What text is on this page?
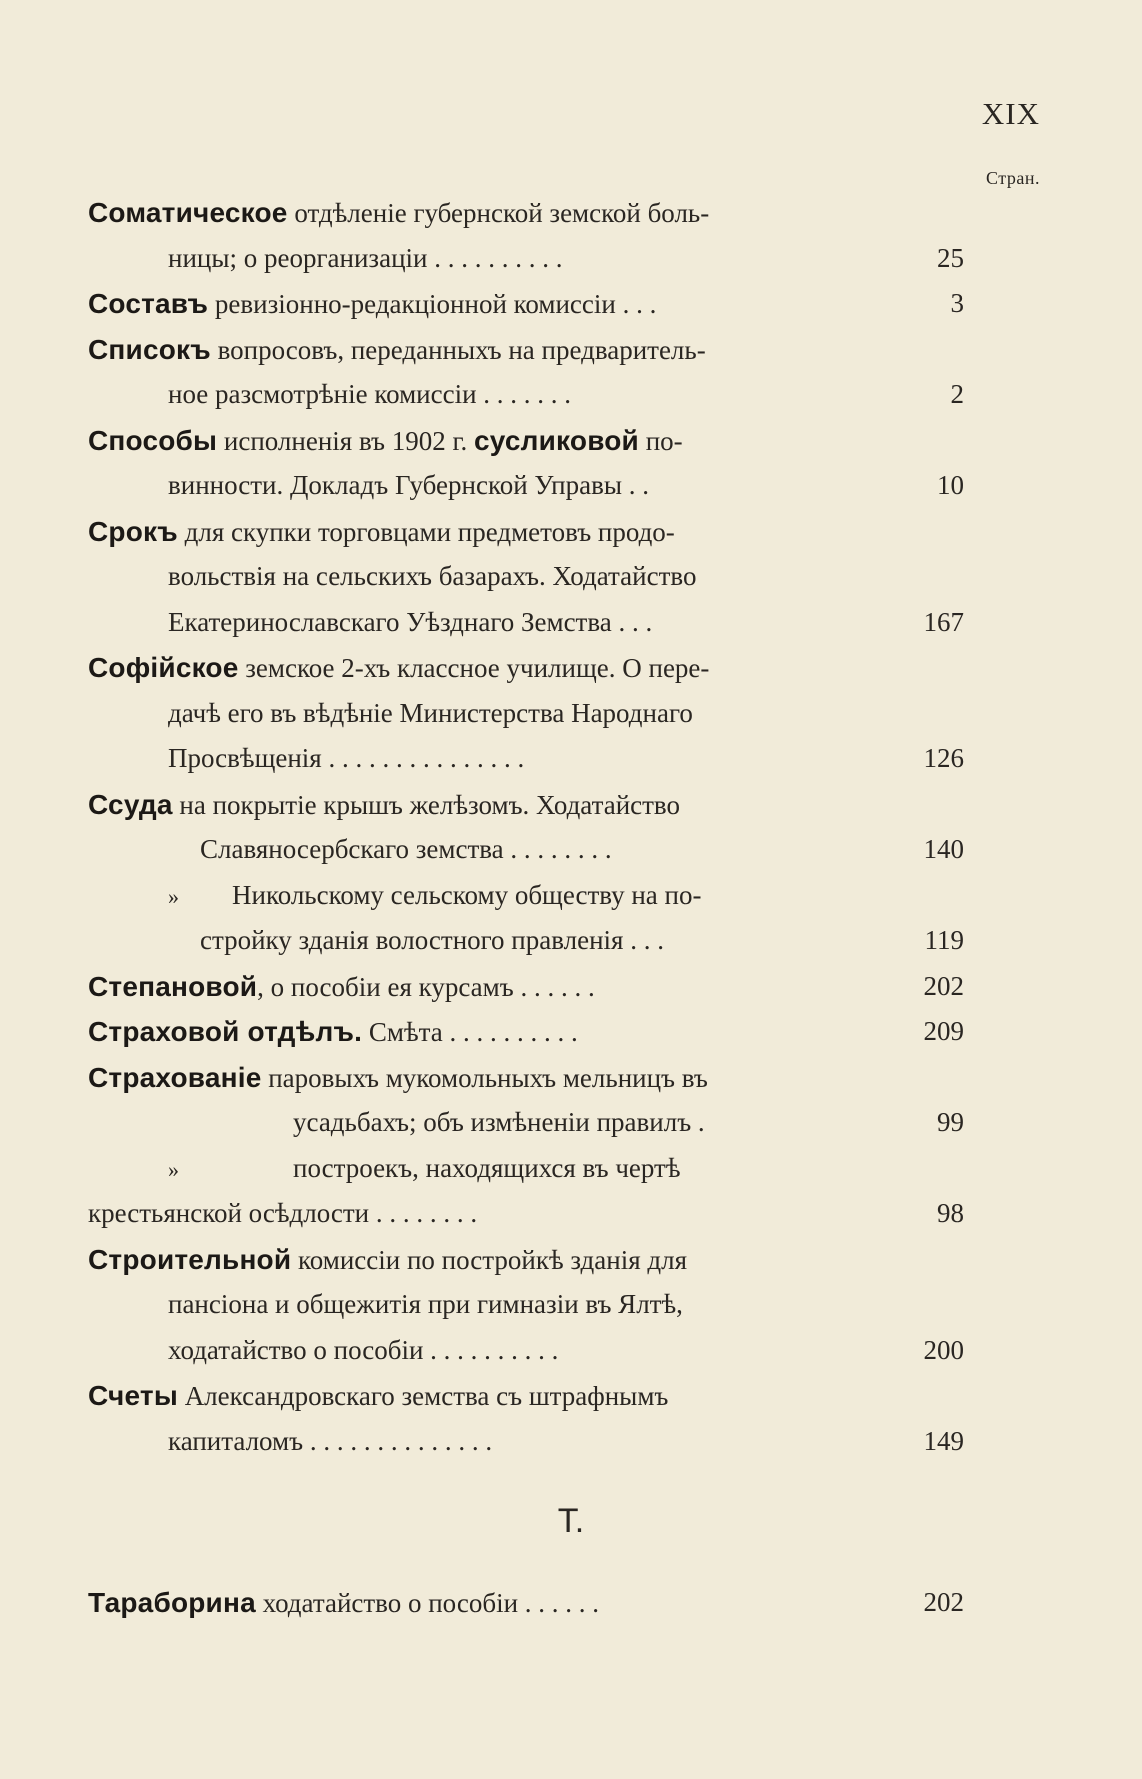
XIX
Стран.
Соматическое отдѣленіе губернской земской боль-
ницы; о реорганизаціи . . . . . . . . . .	25
Составъ ревизіонно-редакціонной комиссіи . . .	3
Списокъ вопросовъ, переданныхъ на предваритель-
ное разсмотрѣніе комиссіи . . . . . . .	2
Способы исполненія въ 1902 г. сусликовой по-
винности. Докладъ Губернской Управы . .	10
Срокъ для скупки торговцами предметовъ продо-
вольствія на сельскихъ базарахъ. Ходатайство
Екатеринославскаго Уѣзднаго Земства . . .	167
Софійское земское 2-хъ классное училище. О пере-
дачѣ его въ вѣдѣніе Министерства Народнаго
Просвѣщенія . . . . . . . . . . . . . . .	126
Ссуда на покрытіе крышъ желѣзомъ. Ходатайство
Славяносербскаго земства . . . . . . . .	140
» Никольскому сельскому обществу на по-
стройку зданія волостного правленія . . .	119
Степановой, о пособіи ея курсамъ . . . . . .	202
Страховой отдѣлъ. Смѣта . . . . . . . . . .	209
Страхованіе паровыхъ мукомольныхъ мельницъ въ
усадьбахъ; объ измѣненіи правилъ .	99
»	построекъ, находящихся въ чертѣ
крестьянской осѣдлости . . . . . . . .	98
Строительной комиссіи по постройкѣ зданія для
пансіона и общежитія при гимназіи въ Ялтѣ,
ходатайство о пособіи . . . . . . . . . .	200
Счеты Александровскаго земства съ штрафнымъ
капиталомъ . . . . . . . . . . . . . .	149
Т.
Тараборина ходатайство о пособіи . . . . . .	202
